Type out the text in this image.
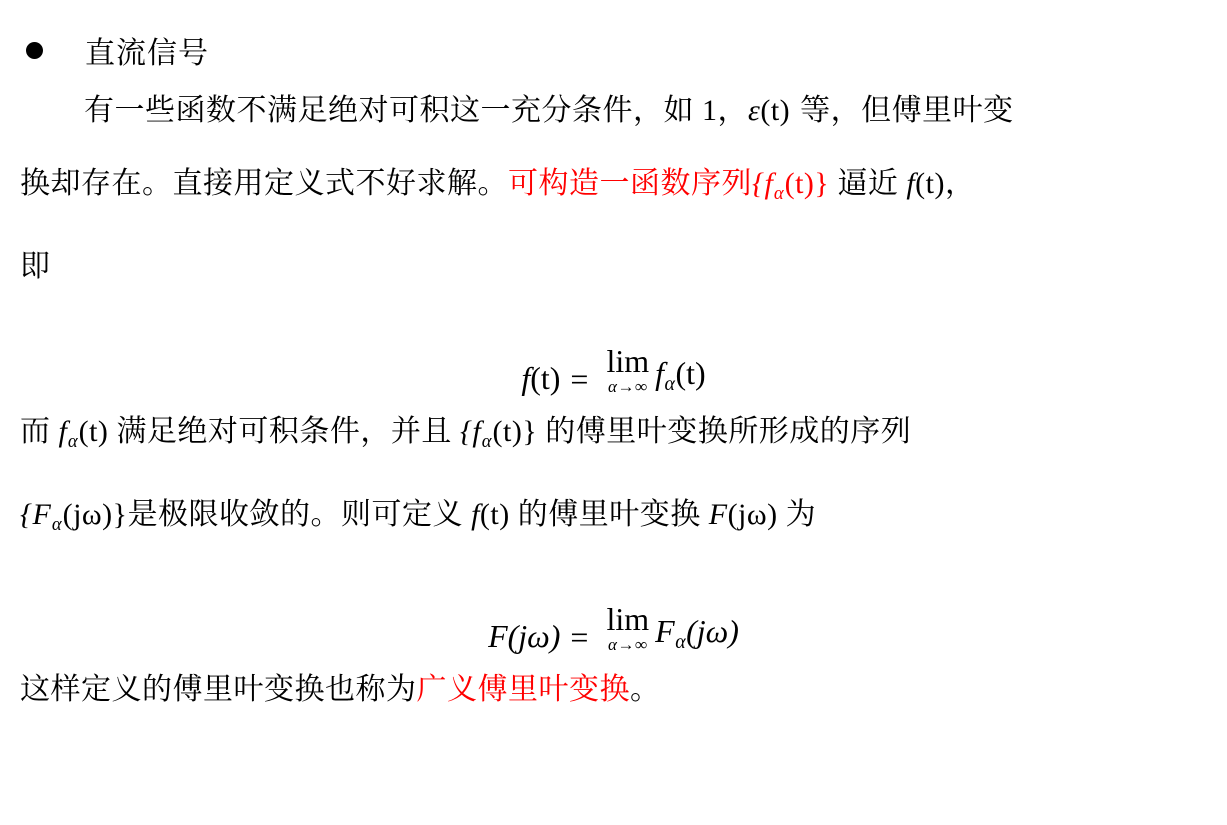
直流信号
有一些函数不满足绝对可积这一充分条件，如 1，ε(t) 等，但傅里叶变
换却存在。直接用定义式不好求解。可构造一函数序列$\{f_\alpha(t)\}$ 逼近 f(t)，
即
f (t) = lim
α→∞ $f_\alpha(t)$
而 $f_\alpha(t)$ 满足绝对可积条件，并且 $\{f_\alpha(t)\}$ 的傅里叶变换所形成的序列
$\{F_\alpha(j\omega)\}$是极限收敛的。则可定义 f(t) 的傅里叶变换 F(jω) 为
F (jω) = lim
α→∞ $F_\alpha(j\omega)$
这样定义的傅里叶变换也称为广义傅里叶变换。
